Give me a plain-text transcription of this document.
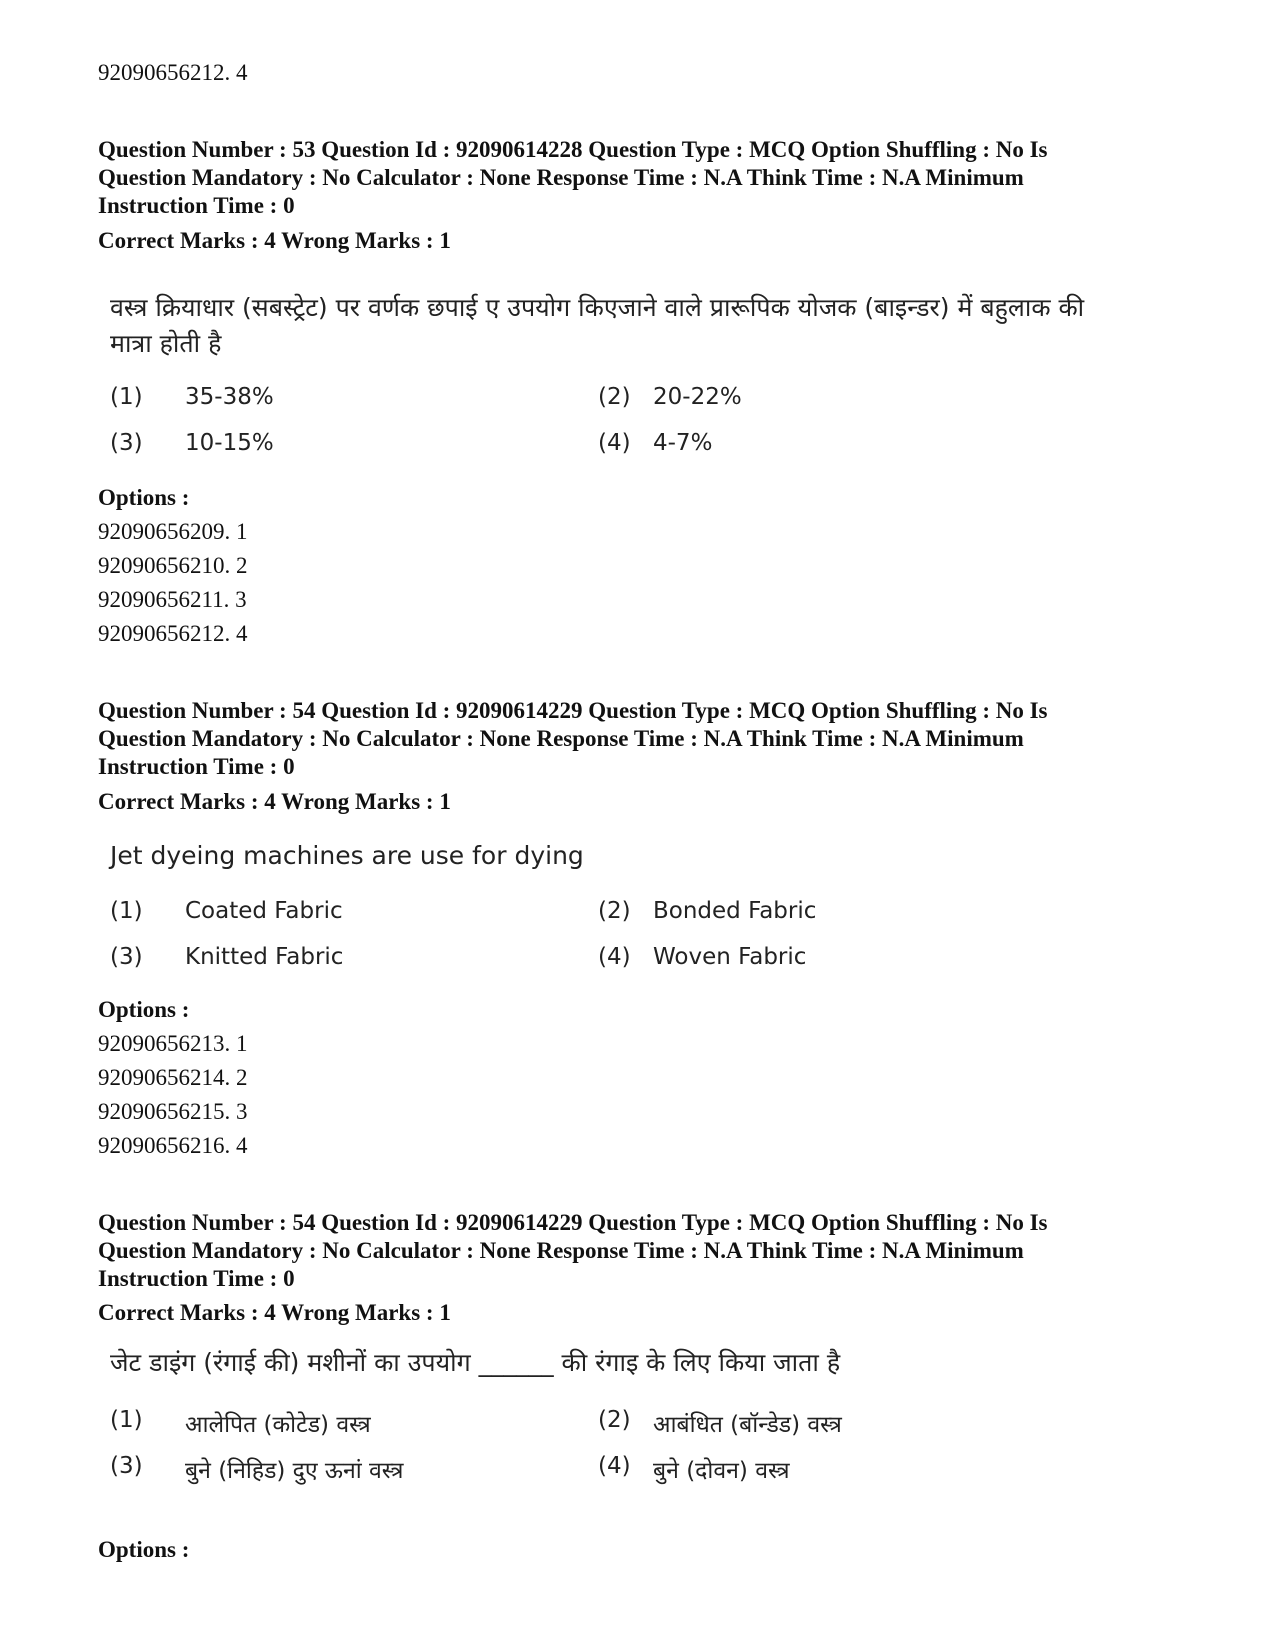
92090656212. 4
Question Number : 53 Question Id : 92090614228 Question Type : MCQ Option Shuffling : No Is Question Mandatory : No Calculator : None Response Time : N.A Think Time : N.A Minimum Instruction Time : 0
Correct Marks : 4 Wrong Marks : 1
वस्त्र क्रियाधार (सबस्ट्रेट) पर वर्णक छपाई ए उपयोग किएजाने वाले प्रारूपिक योजक (बाइन्डर) में बहुलाक की मात्रा होती है
(1) 35-38%	(2) 20-22%
(3) 10-15%	(4) 4-7%
Options :
92090656209. 1
92090656210. 2
92090656211. 3
92090656212. 4
Question Number : 54 Question Id : 92090614229 Question Type : MCQ Option Shuffling : No Is Question Mandatory : No Calculator : None Response Time : N.A Think Time : N.A Minimum Instruction Time : 0
Correct Marks : 4 Wrong Marks : 1
Jet dyeing machines are use for dying
(1) Coated Fabric	(2) Bonded Fabric
(3) Knitted Fabric	(4) Woven Fabric
Options :
92090656213. 1
92090656214. 2
92090656215. 3
92090656216. 4
Question Number : 54 Question Id : 92090614229 Question Type : MCQ Option Shuffling : No Is Question Mandatory : No Calculator : None Response Time : N.A Think Time : N.A Minimum Instruction Time : 0
Correct Marks : 4 Wrong Marks : 1
जेट डाइंग (रंगाई की) मशीनों का उपयोग ______ की रंगाइ के लिए किया जाता है
(1) आलेपित (कोटेड) वस्त्र	(2) आबंधित (बॉन्डेड) वस्त्र
(3) बुने (निहिड) दुए ऊनां वस्त्र	(4) बुने (दोवन) वस्त्र
Options :
